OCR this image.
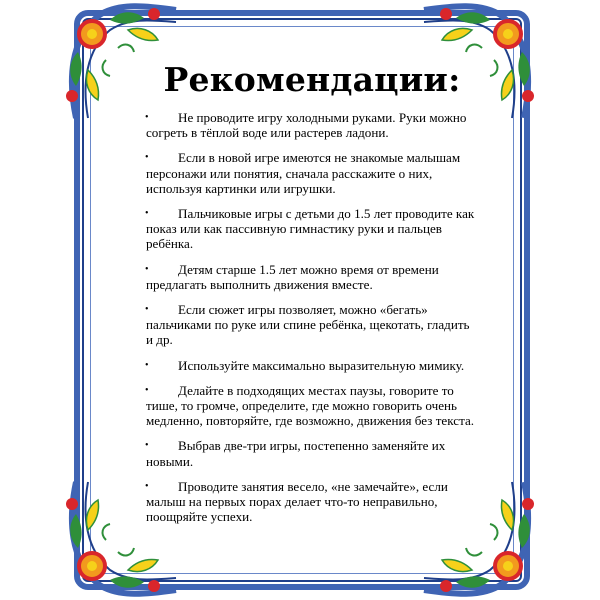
Рекомендации:
• Не проводите игру холодными руками. Руки можно согреть в тёплой воде или растерев ладони.
• Если в новой игре имеются не знакомые малышам персонажи или понятия, сначала расскажите о них, используя картинки или игрушки.
• Пальчиковые игры с детьми до 1.5 лет проводите как показ или как пассивную гимнастику руки и пальцев ребёнка.
• Детям старше 1.5 лет можно время от времени предлагать выполнить движения вместе.
• Если сюжет игры позволяет, можно «бегать» пальчиками по руке или спине ребёнка, щекотать, гладить и др.
• Используйте максимально выразительную мимику.
• Делайте в подходящих местах паузы, говорите то тише, то громче, определите, где можно говорить очень медленно, повторяйте, где возможно, движения без текста.
• Выбрав две-три игры, постепенно заменяйте их новыми.
• Проводите занятия весело, «не замечайте», если малыш на первых порах делает что-то неправильно, поощряйте успехи.
